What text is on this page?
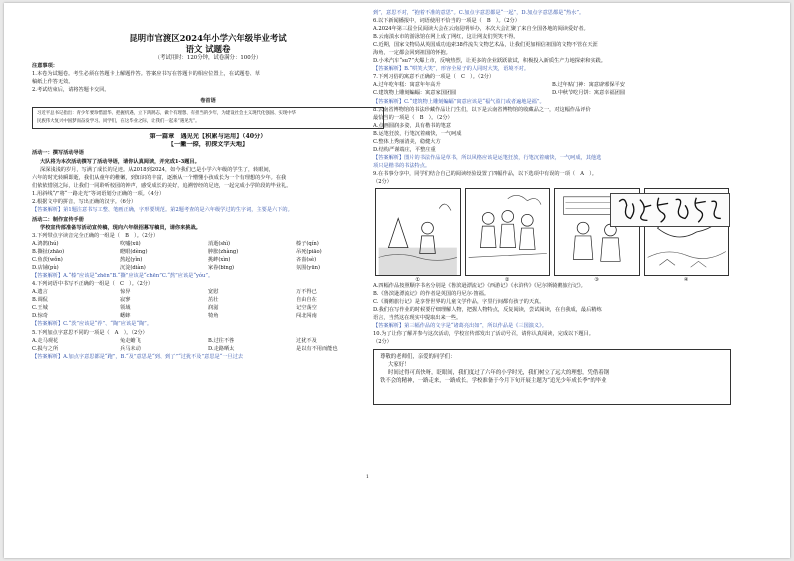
昆明市官渡区2024年小学六年级毕业考试
语文 试题卷
（考试用时：120分钟，试卷满分：100分）
注意事项：
1.本卷为试题卷。考生必须在答题卡上解题作答。答案应书写在答题卡的相应位置上，在试题卷、草
稿纸上作答无效。
2.考试结束后，请将答题卡交回。
卷首语
习近平总书记指出：青少年要珍惜韶华、把握机遇，立下鸿鹄志，做个有理想、有担当的少年，为建设社会主义现代化强国、实现中华
民族伟大复兴中国梦而奋发学习。同学们，在这毕业之际，让我们一起来“遇见光”。
第一篇章　遇见光【积累与运用】（40分）
【一撇一捺，初探文字天地】
活动一：撰写活动导语
大队将为本次活动撰写了活动导语，请你认真阅读，并完成1-3题目。
深深浅浅的岁月，写满了成长的足迹。从2018到2024，如今我们已是小学六年级的学生了，转眼间，
六年的时光转瞬即逝，我们从童年的稚嫩，到知识的丰富，逐渐从一个懵懂小孩成长为一个有理想的少年。在我
们依依惜别之际，让我们一同聆听校园的钟声，感受成长的美好，追溯曾经的足迹，一起完成小学阶段的毕业礼。
1.用斜线“/”将“一路走光”等词语划分正确的一项。（4分）
2.根据文中的拼音，写出正确的汉字。（6分）
【答案解析】第1题注意书写工整、笔画正确，字形要规范。第2题考查的是六年级学过的生字词，主要是六下的。
活动二：制作宣传手册
学校宣传部准备写活动宣传稿，现向六年级招募写稿员，请你来挑战。
3.下列带点字读音完全正确的一组是（　B　）。（2分）
A.鸿鹄(hú)	吹嘘(xū)	消逝(shì)	榛子(qín)
B.撕扯(zhāo)	瞪眼(dèng)	肿胀(zhàng)	吊死(piāo)
C.鱼茨(wǒn)	熬起(yǐn)	挑衅(xìn)	吝啬(sè)
D.店铺(pù)	沉淀(diàn)	家眷(bīng)	氛围(yūn)
【答案解析】A.“榛”应该是“zhēn”B.“撕”应该是“chēn”C.“熬”应该是“yóu”。
4.下列词语中书写不正确的一组是（　C　）。（2分）
A.遗言	惊异	宽慰	万不得已
B.调侃	寂寥	茁壮	自由自在
C.王城	领域	润滋	记空荡空
D.惊奇	蟋蟀	犄角	闯北闯南
【答案解析】C.“茨”应该是“荐”、“陶”应该是“陶”。
5.下列加点字意思不同的一项是（　A　）。（2分）
A.走马观花	兔走蟾飞	B.过往不咎	过犹不及
C.损与之所	兵马未动	D.走路晒太	是以有不用而能也
【答案解析】A.加点字意思都是“跑”，B.“及”意思是“到、到了”“过犹不及”意思是“一旦过去
到”，意思不对，“抱着不准的意思”。C.加点字意思都是“一起”，D.加点字意思都是“热水”。
6.以下新闻播报中，词语使用不恰当的一项是（　B　）。（2分）
A.2024年第三届全民阅读大会在云南昆明举办，本次大会汇聚了来自全国各地的阅读爱好者。
B.云南滇水市的游泳馆在网上成了网红，这让网友们哭笑不得。
C.近期，国家文物局从英国成功追索38件流失文物艺术品，让我们更加相信祖国的文物不管在天涯
海角，一定都会回到祖国的怀抱。
D.小米汽车“su7”火爆上市，反响热烈，让更多的企业跃跃欲试，积极投入新质生产力地探索和实践。
【答案解析】B.“哄笑大笑”，形容全屋子的人同时大笑，语境不对。
7.下列习俗的寓意不正确的一项是（　C　）。（2分）
A.过年吃年糕：寓意年年高升	B.过年贴门神：寓意辟邪保平安
C.建筑物上雕刻蝙蝠：寓意家国团圆	D.中秋节吃月饼：寓意幸福团圆
【答案解析】C.“建筑物上雕刻蝙蝠”寓意应该是“福气盈门或者遍地是福”。
8.云南省博物馆的书法珍藏作品让门生们，以下是云南省博物馆的收藏品之一，对这幅作品评价
最恰当的一项是（　B　）。（2分）
A.点画圆润多姿，具有楷书的笔意
B.运笔狂放，行笔沉着痛快，一气呵成
C.整体上秀丽清美，稳健大方
D.结构严谨端庄，平整庄重
【答案解析】图片的书法作品是草书，所以风格应该是运笔狂放，行笔沉着痛快，一气呵成，其他选
项只是楷书的书法特点。
9.在书事分享中，同学们结合自己的阅读经验设置了四幅作品，以下选项中有误的一项（　A　）。
（2分）
①	②	③	④
A.四幅作品按照顺序书名分别是《鲁滨逊漂流记》《西游记》《水浒传》《尼尔斯骑鹅旅行记》。
B.《鲁滨逊漂流记》的作者是英国的丹尼尔·笛福。
C.《骑鹅旅行记》是享誉世界的儿童文学作品，字里行间都有孩子的天真。
D.我们在写作业的时候要仔细理解人物，把握人物特点，反复阅读，尝试阅读，在自我成，最后精练
语言，当然这在现实中提取出来一些。
【答案解析】第三幅作品的文字是“诸葛亮出如”，所以作品是《三国演义》。
10.为了让你了解并参与这次活动，学校宣传部发出了活动号召，请你认真阅读，完成以下题目。
（2分）
尊敬的老师们，亲爱的同学们：
大家好！
时间过得可真快呀，眨眼间，我们度过了六年的小学时光，我们树立了远大的理想，凭借着钢
铁不会的精神，一路走来，一路成长。学校准备于今月下旬开展主题为“追光少年成长季”的毕业
1
